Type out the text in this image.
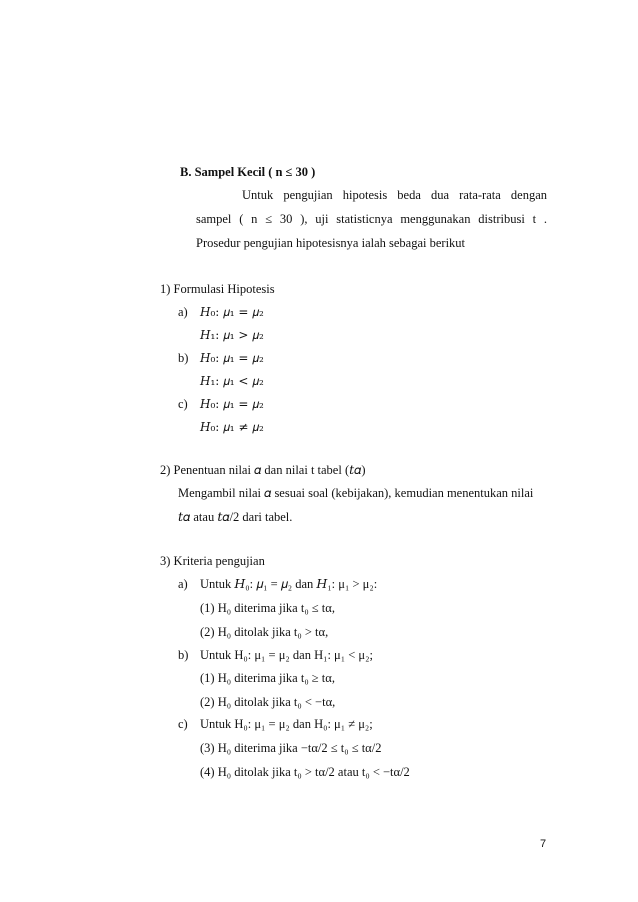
B. Sampel Kecil ( n ≤ 30 )
Untuk pengujian hipotesis beda dua rata-rata dengan
sampel ( n ≤ 30 ), uji statisticnya menggunakan distribusi t .
Prosedur pengujian hipotesisnya ialah sebagai berikut
1) Formulasi Hipotesis
a) 𝐻₀: 𝜇₁ = 𝜇₂
𝐻₁: 𝜇₁ > 𝜇₂
b) 𝐻₀: 𝜇₁ = 𝜇₂
𝐻₁: 𝜇₁ < 𝜇₂
c) 𝐻₀: 𝜇₁ = 𝜇₂
𝐻₀: 𝜇₁ ≠ 𝜇₂
2) Penentuan nilai 𝛼 dan nilai t tabel (𝑡𝛼)
Mengambil nilai 𝛼 sesuai soal (kebijakan), kemudian menentukan nilai
𝑡𝛼 atau 𝑡𝛼/2 dari tabel.
3) Kriteria pengujian
a) Untuk 𝐻₀: 𝜇₁ = 𝜇₂ dan 𝐻₁: μ₁ > μ₂:
(1) H₀ diterima jika t₀ ≤ tα,
(2) H₀ ditolak jika t₀ > tα,
b) Untuk H₀: μ₁ = μ₂ dan H₁: μ₁ < μ₂;
(1) H₀ diterima jika t₀ ≥ tα,
(2) H₀ ditolak jika t₀ < −tα,
c) Untuk H₀: μ₁ = μ₂ dan H₀: μ₁ ≠ μ₂;
(3) H₀ diterima jika −tα/2 ≤ t₀ ≤ tα/2
(4) H₀ ditolak jika t₀ > tα/2 atau t₀ < −tα/2
7
